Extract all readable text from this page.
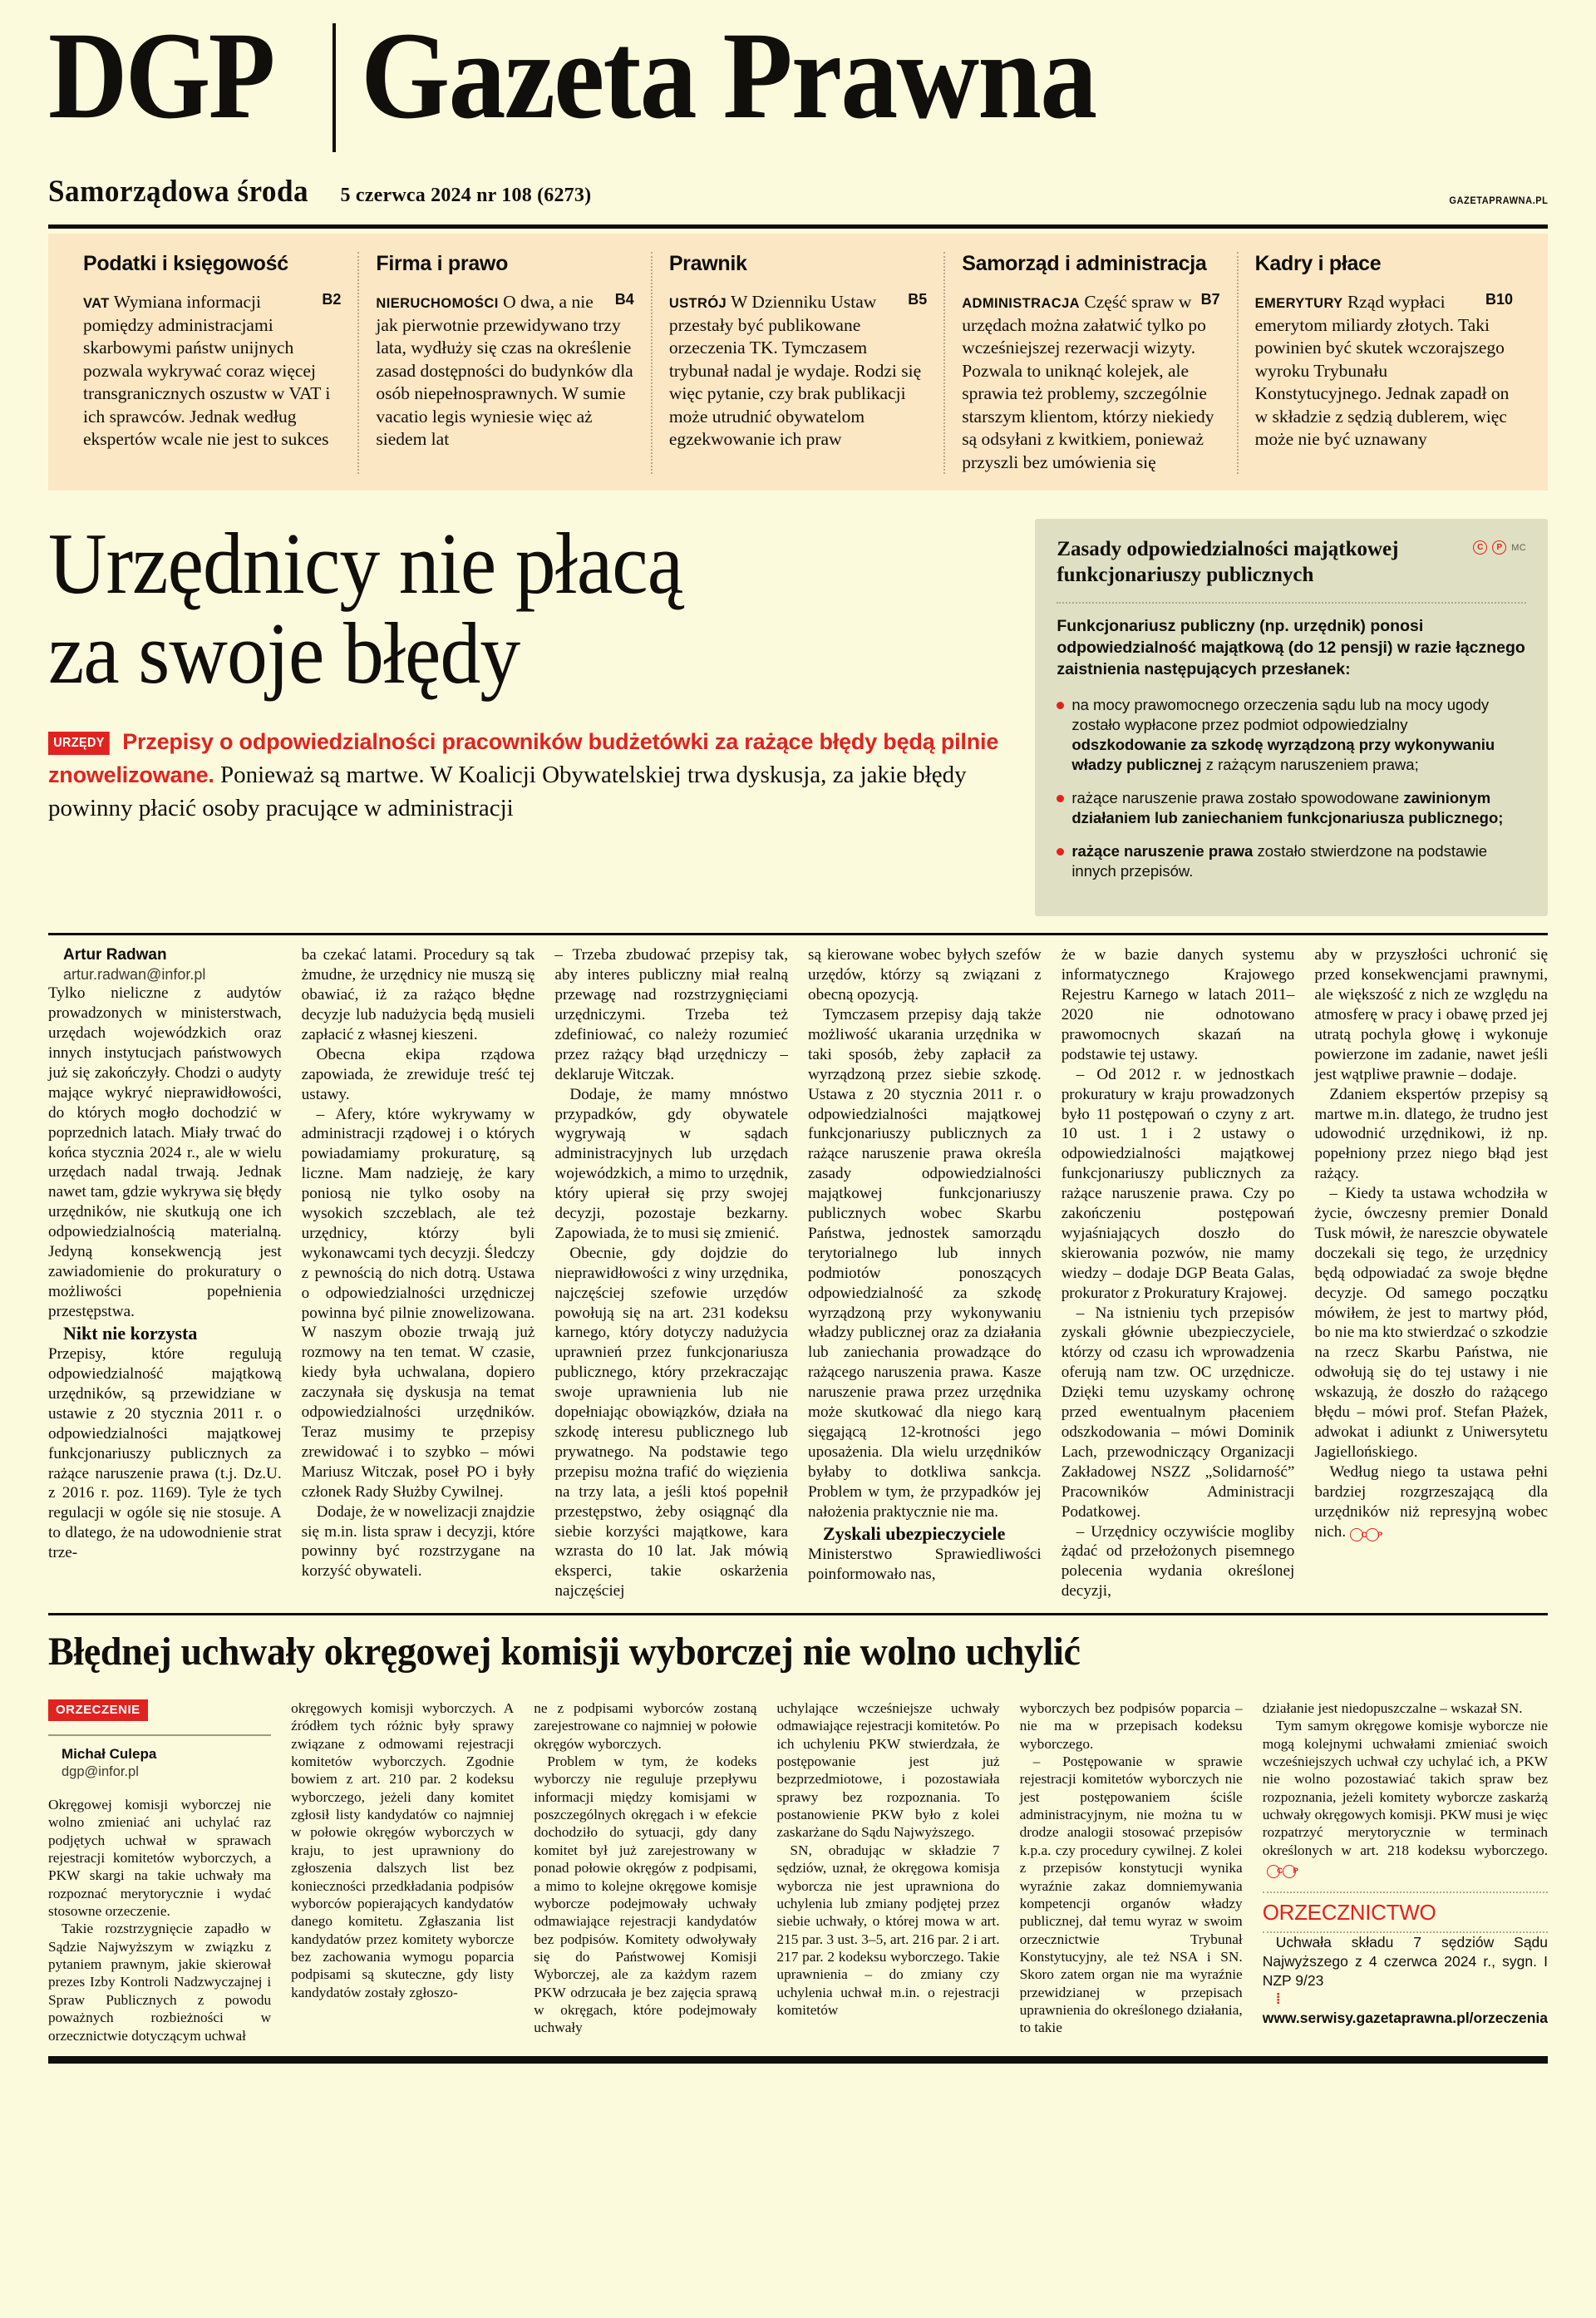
DGP Gazeta Prawna
Samorządowa środa 5 czerwca 2024 nr 108 (6273)	GAZETAPRAWNA.PL
Podatki i księgowość

B2
VAT Wymiana informacji pomiędzy administracjami skarbowymi państw unijnych pozwala wykrywać coraz więcej transgranicznych oszustw w VAT i ich sprawców. Jednak według ekspertów wcale nie jest to sukces

Firma i prawo

B4
NIERUCHOMOŚCI O dwa, a nie jak pierwotnie przewidywano trzy lata, wydłuży się czas na określenie zasad dostępności do budynków dla osób niepełnosprawnych. W sumie vacatio legis wyniesie więc aż siedem lat

Prawnik

B5
USTRÓJ W Dzienniku Ustaw przestały być publikowane orzeczenia TK. Tymczasem trybunał nadal je wydaje. Rodzi się więc pytanie, czy brak publikacji może utrudnić obywatelom egzekwowanie ich praw

Samorząd i administracja

B7
ADMINISTRACJA Część spraw w urzędach można załatwić tylko po wcześniejszej rezerwacji wizyty. Pozwala to uniknąć kolejek, ale sprawia też problemy, szczególnie starszym klientom, którzy niekiedy są odsyłani z kwitkiem, ponieważ przyszli bez umówienia się

Kadry i płace

B10
EMERYTURY Rząd wypłaci emerytom miliardy złotych. Taki powinien być skutek wczorajszego wyroku Trybunału Konstytucyjnego. Jednak zapadł on w składzie z sędzią dublerem, więc może nie być uznawany

Urzędnicy nie płacą
za swoje błędy
URZĘDY Przepisy o odpowiedzialności pracowników budżetówki za rażące błędy będą pilnie znowelizowane. Ponieważ są martwe. W Koalicji Obywatelskiej trwa dyskusja, za jakie błędy powinny płacić osoby pracujące w administracji
Zasady odpowiedzialności majątkowej funkcjonariuszy publicznych
C	P	MC

Funkcjonariusz publiczny (np. urzędnik) ponosi odpowiedzialność majątkową (do 12 pensji) w razie łącznego zaistnienia następujących przesłanek:

na mocy prawomocnego orzeczenia sądu lub na mocy ugody zostało wypłacone przez podmiot odpowiedzialny odszkodowanie za szkodę wyrządzoną przy wykonywaniu władzy publicznej z rażącym naruszeniem prawa;

rażące naruszenie prawa zostało spowodowane zawinionym działaniem lub zaniechaniem funkcjonariusza publicznego;

rażące naruszenie prawa zostało stwierdzone na podstawie innych przepisów.

Artur Radwan

artur.radwan@infor.pl

Tylko nieliczne z audytów prowadzonych w ministerstwach, urzędach wojewódzkich oraz innych instytucjach państwowych już się zakończyły. Chodzi o audyty mające wykryć nieprawidłowości, do których mogło dochodzić w poprzednich latach. Miały trwać do końca stycznia 2024 r., ale w wielu urzędach nadal trwają. Jednak nawet tam, gdzie wykrywa się błędy urzędników, nie skutkują one ich odpowiedzialnością materialną. Jedyną konsekwencją jest zawiadomienie do prokuratury o możliwości popełnienia przestępstwa.

Nikt nie korzysta

Przepisy, które regulują odpowiedzialność majątkową urzędników, są przewidziane w ustawie z 20 stycznia 2011 r. o odpowiedzialności majątkowej funkcjonariuszy publicznych za rażące naruszenie prawa (t.j. Dz.U. z 2016 r. poz. 1169). Tyle że tych regulacji w ogóle się nie stosuje. A to dlatego, że na udowodnienie strat trze-

ba czekać latami. Procedury są tak żmudne, że urzędnicy nie muszą się obawiać, iż za rażąco błędne decyzje lub nadużycia będą musieli zapłacić z własnej kieszeni.

Obecna ekipa rządowa zapowiada, że zrewiduje treść tej ustawy.

– Afery, które wykrywamy w administracji rządowej i o których powiadamiamy prokuraturę, są liczne. Mam nadzieję, że kary poniosą nie tylko osoby na wysokich szczeblach, ale też urzędnicy, którzy byli wykonawcami tych decyzji. Śledczy z pewnością do nich dotrą. Ustawa o odpowiedzialności urzędniczej powinna być pilnie znowelizowana. W naszym obozie trwają już rozmowy na ten temat. W czasie, kiedy była uchwalana, dopiero zaczynała się dyskusja na temat odpowiedzialności urzędników. Teraz musimy te przepisy zrewidować i to szybko – mówi Mariusz Witczak, poseł PO i były członek Rady Służby Cywilnej.

Dodaje, że w nowelizacji znajdzie się m.in. lista spraw i decyzji, które powinny być rozstrzygane na korzyść obywateli.

– Trzeba zbudować przepisy tak, aby interes publiczny miał realną przewagę nad rozstrzygnięciami urzędniczymi. Trzeba też zdefiniować, co należy rozumieć przez rażący błąd urzędniczy – deklaruje Witczak.

Dodaje, że mamy mnóstwo przypadków, gdy obywatele wygrywają w sądach administracyjnych lub urzędach wojewódzkich, a mimo to urzędnik, który upierał się przy swojej decyzji, pozostaje bezkarny. Zapowiada, że to musi się zmienić.

Obecnie, gdy dojdzie do nieprawidłowości z winy urzędnika, najczęściej szefowie urzędów powołują się na art. 231 kodeksu karnego, który dotyczy nadużycia uprawnień przez funkcjonariusza publicznego, który przekraczając swoje uprawnienia lub nie dopełniając obowiązków, działa na szkodę interesu publicznego lub prywatnego. Na podstawie tego przepisu można trafić do więzienia na trzy lata, a jeśli ktoś popełnił przestępstwo, żeby osiągnąć dla siebie korzyści majątkowe, kara wzrasta do 10 lat. Jak mówią eksperci, takie oskarżenia najczęściej

są kierowane wobec byłych szefów urzędów, którzy są związani z obecną opozycją.

Tymczasem przepisy dają także możliwość ukarania urzędnika w taki sposób, żeby zapłacił za wyrządzoną przez siebie szkodę. Ustawa z 20 stycznia 2011 r. o odpowiedzialności majątkowej funkcjonariuszy publicznych za rażące naruszenie prawa określa zasady odpowiedzialności majątkowej funkcjonariuszy publicznych wobec Skarbu Państwa, jednostek samorządu terytorialnego lub innych podmiotów ponoszących odpowiedzialność za szkodę wyrządzoną przy wykonywaniu władzy publicznej oraz za działania lub zaniechania prowadzące do rażącego naruszenia prawa. Kasze naruszenie prawa przez urzędnika może skutkować dla niego karą sięgającą 12-krotności jego uposażenia. Dla wielu urzędników byłaby to dotkliwa sankcja. Problem w tym, że przypadków jej nałożenia praktycznie nie ma.

Zyskali ubezpieczyciele

Ministerstwo Sprawiedliwości poinformowało nas,

że w bazie danych systemu informatycznego Krajowego Rejestru Karnego w latach 2011–2020 nie odnotowano prawomocnych skazań na podstawie tej ustawy.

– Od 2012 r. w jednostkach prokuratury w kraju prowadzonych było 11 postępowań o czyny z art. 10 ust. 1 i 2 ustawy o odpowiedzialności majątkowej funkcjonariuszy publicznych za rażące naruszenie prawa. Czy po zakończeniu postępowań wyjaśniających doszło do skierowania pozwów, nie mamy wiedzy – dodaje DGP Beata Galas, prokurator z Prokuratury Krajowej.

– Na istnieniu tych przepisów zyskali głównie ubezpieczyciele, którzy od czasu ich wprowadzenia oferują nam tzw. OC urzędnicze. Dzięki temu uzyskamy ochronę przed ewentualnym płaceniem odszkodowania – mówi Dominik Lach, przewodniczący Organizacji Zakładowej NSZZ „Solidarność” Pracowników Administracji Podatkowej.

– Urzędnicy oczywiście mogliby żądać od przełożonych pisemnego polecenia wydania określonej decyzji,

aby w przyszłości uchronić się przed konsekwencjami prawnymi, ale większość z nich ze względu na atmosferę w pracy i obawę przed jej utratą pochyla głowę i wykonuje powierzone im zadanie, nawet jeśli jest wątpliwe prawnie – dodaje.

Zdaniem ekspertów przepisy są martwe m.in. dlatego, że trudno jest udowodnić urzędnikowi, iż np. popełniony przez niego błąd jest rażący.

– Kiedy ta ustawa wchodziła w życie, ówczesny premier Donald Tusk mówił, że nareszcie obywatele doczekali się tego, że urzędnicy będą odpowiadać za swoje błędne decyzje. Od samego początku mówiłem, że jest to martwy płód, bo nie ma kto stwierdzać o szkodzie na rzecz Skarbu Państwa, nie odwołują się do tej ustawy i nie wskazują, że doszło do rażącego błędu – mówi prof. Stefan Płażek, adwokat i adiunkt z Uniwersytetu Jagiellońskiego.

Według niego ta ustawa pełni bardziej rozgrzeszającą dla urzędników niż represyjną wobec nich.	C	P

Błędnej uchwały okręgowej komisji wyborczej nie wolno uchylić
ORZECZENIE

Michał Culepa

dgp@infor.pl

Okręgowej komisji wyborczej nie wolno zmieniać ani uchylać raz podjętych uchwał w sprawach rejestracji komitetów wyborczych, a PKW skargi na takie uchwały ma rozpoznać merytorycznie i wydać stosowne orzeczenie.

Takie rozstrzygnięcie zapadło w Sądzie Najwyższym w związku z pytaniem prawnym, jakie skierował prezes Izby Kontroli Nadzwyczajnej i Spraw Publicznych z powodu poważnych rozbieżności w orzecznictwie dotyczącym uchwał

okręgowych komisji wyborczych. A źródłem tych różnic były sprawy związane z odmowami rejestracji komitetów wyborczych. Zgodnie bowiem z art. 210 par. 2 kodeksu wyborczego, jeżeli dany komitet zgłosił listy kandydatów co najmniej w połowie okręgów wyborczych w kraju, to jest uprawniony do zgłoszenia dalszych list bez konieczności przedkładania podpisów wyborców popierających kandydatów danego komitetu. Zgłaszania list kandydatów przez komitety wyborcze bez zachowania wymogu poparcia podpisami są skuteczne, gdy listy kandydatów zostały zgłoszo-

ne z podpisami wyborców zostaną zarejestrowane co najmniej w połowie okręgów wyborczych.

Problem w tym, że kodeks wyborczy nie reguluje przepływu informacji między komisjami w poszczególnych okręgach i w efekcie dochodziło do sytuacji, gdy dany komitet był już zarejestrowany w ponad połowie okręgów z podpisami, a mimo to kolejne okręgowe komisje wyborcze podejmowały uchwały odmawiające rejestracji kandydatów bez podpisów. Komitety odwoływały się do Państwowej Komisji Wyborczej, ale za każdym razem PKW odrzucała je bez zajęcia sprawą w okręgach, które podejmowały uchwały

uchylające wcześniejsze uchwały odmawiające rejestracji komitetów. Po ich uchyleniu PKW stwierdzała, że postępowanie jest już bezprzedmiotowe, i pozostawiała sprawy bez rozpoznania. To postanowienie PKW było z kolei zaskarżane do Sądu Najwyższego.

SN, obradując w składzie 7 sędziów, uznał, że okręgowa komisja wyborcza nie jest uprawniona do uchylenia lub zmiany podjętej przez siebie uchwały, o której mowa w art. 215 par. 3 ust. 3–5, art. 216 par. 2 i art. 217 par. 2 kodeksu wyborczego. Takie uprawnienia – do zmiany czy uchylenia uchwał m.in. o rejestracji komitetów

wyborczych bez podpisów poparcia – nie ma w przepisach kodeksu wyborczego.

– Postępowanie w sprawie rejestracji komitetów wyborczych nie jest postępowaniem ściśle administracyjnym, nie można tu w drodze analogii stosować przepisów k.p.a. czy procedury cywilnej. Z kolei z przepisów konstytucji wynika wyraźnie zakaz domniemywania kompetencji organów władzy publicznej, dał temu wyraz w swoim orzecznictwie Trybunał Konstytucyjny, ale też NSA i SN. Skoro zatem organ nie ma wyraźnie przewidzianej w przepisach uprawnienia do określonego działania, to takie

działanie jest niedopuszczalne – wskazał SN.

Tym samym okręgowe komisje wyborcze nie mogą kolejnymi uchwałami zmieniać swoich wcześniejszych uchwał czy uchylać ich, a PKW nie wolno pozostawiać takich spraw bez rozpoznania, jeżeli komitety wyborcze zaskarżą uchwały okręgowych komisji. PKW musi je więc rozpatrzyć merytorycznie w terminach określonych w art. 218 kodeksu wyborczego.
C	P

ORZECZNICTWO

Uchwała składu 7 sędziów Sądu Najwyższego z 4 czerwca 2024 r., sygn. I NZP 9/23

⁞www.serwisy.gazetaprawna.pl/orzeczenia
